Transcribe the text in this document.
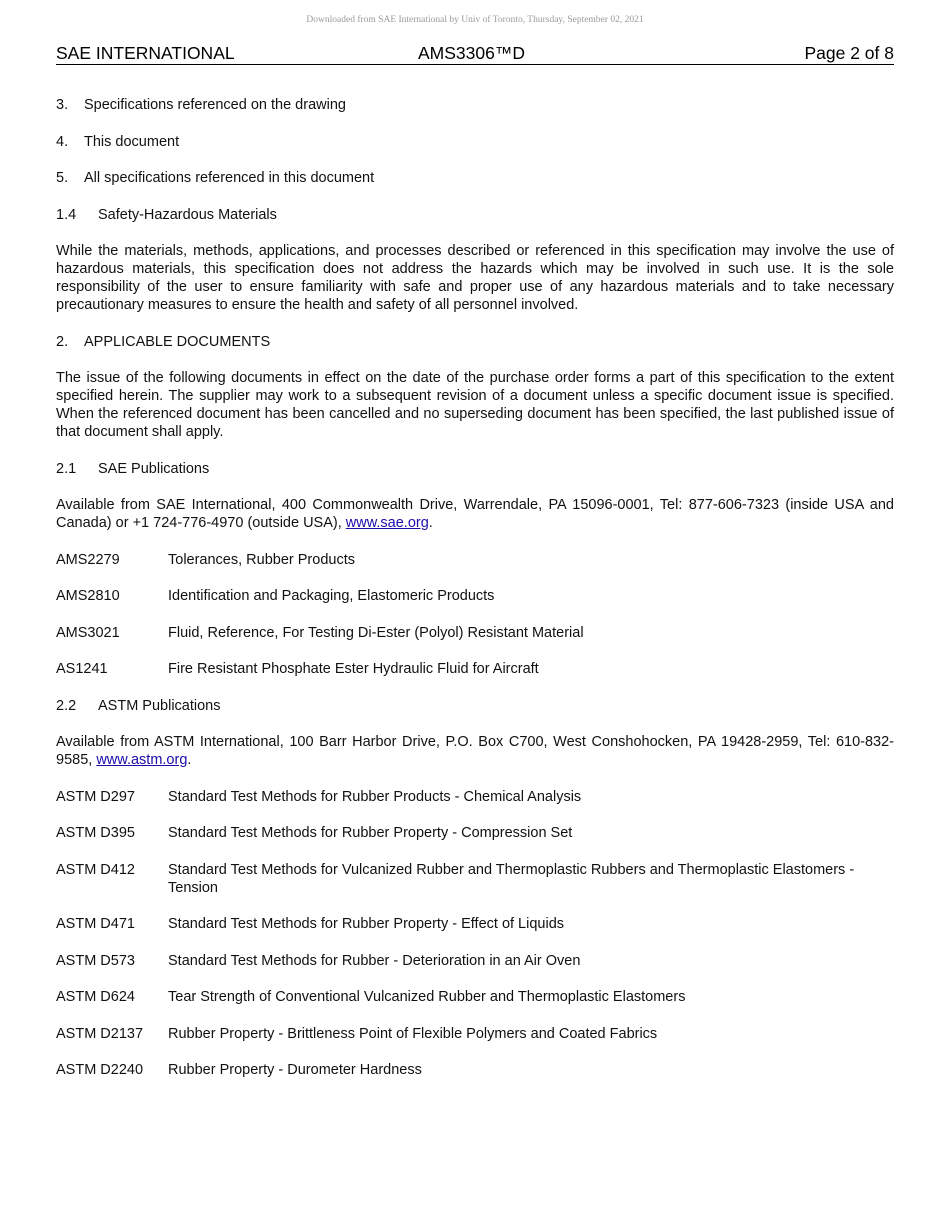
Downloaded from SAE International by Univ of Toronto, Thursday, September 02, 2021
SAE INTERNATIONAL	AMS3306™D	Page 2 of 8
3.	Specifications referenced on the drawing
4.	This document
5.	All specifications referenced in this document
1.4	Safety-Hazardous Materials

While the materials, methods, applications, and processes described or referenced in this specification may involve the use of hazardous materials, this specification does not address the hazards which may be involved in such use. It is the sole responsibility of the user to ensure familiarity with safe and proper use of any hazardous materials and to take necessary precautionary measures to ensure the health and safety of all personnel involved.

2.	APPLICABLE DOCUMENTS

The issue of the following documents in effect on the date of the purchase order forms a part of this specification to the extent specified herein. The supplier may work to a subsequent revision of a document unless a specific document issue is specified. When the referenced document has been cancelled and no superseding document has been specified, the last published issue of that document shall apply.

2.1	SAE Publications

Available from SAE International, 400 Commonwealth Drive, Warrendale, PA 15096-0001, Tel: 877-606-7323 (inside USA and Canada) or +1 724-776-4970 (outside USA), www.sae.org.

AMS2279	Tolerances, Rubber Products
AMS2810	Identification and Packaging, Elastomeric Products
AMS3021	Fluid, Reference, For Testing Di-Ester (Polyol) Resistant Material
AS1241	Fire Resistant Phosphate Ester Hydraulic Fluid for Aircraft
2.2	ASTM Publications

Available from ASTM International, 100 Barr Harbor Drive, P.O. Box C700, West Conshohocken, PA 19428-2959, Tel: 610-832-9585, www.astm.org.

ASTM D297	Standard Test Methods for Rubber Products - Chemical Analysis
ASTM D395	Standard Test Methods for Rubber Property - Compression Set
ASTM D412	Standard Test Methods for Vulcanized Rubber and Thermoplastic Rubbers and Thermoplastic Elastomers - Tension
ASTM D471	Standard Test Methods for Rubber Property - Effect of Liquids
ASTM D573	Standard Test Methods for Rubber - Deterioration in an Air Oven
ASTM D624	Tear Strength of Conventional Vulcanized Rubber and Thermoplastic Elastomers
ASTM D2137	Rubber Property - Brittleness Point of Flexible Polymers and Coated Fabrics
ASTM D2240	Rubber Property - Durometer Hardness
